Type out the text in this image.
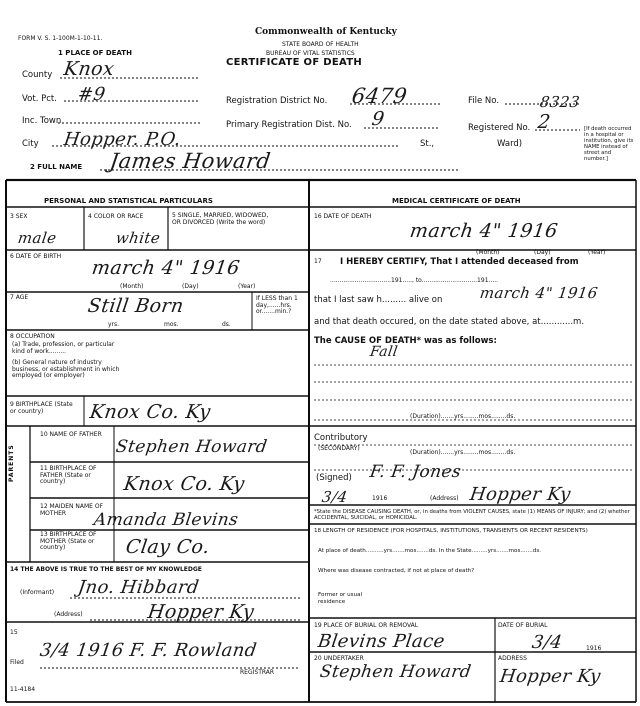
FORM V. S. 1-100M-1-10-11.
Commonwealth of Kentucky
STATE BOARD OF HEALTH
BUREAU OF VITAL STATISTICS
CERTIFICATE OF DEATH
1 PLACE OF DEATH
County Knox
Vot. Pct. #9
Inc. Town
City Hopper. P.O.	St.,	Ward)
Registration District No. 6479
Primary Registration Dist. No. 9
File No.	8323
Registered No. 2	[If death occurred in a hospital or institution, give its NAME instead of street and number.]
2 FULL NAME James Howard
PERSONAL AND STATISTICAL PARTICULARS
3 SEX
male
4 COLOR OR RACE
white
5 SINGLE, MARRIED, WIDOWED, OR DIVORCED (Write the word)
6 DATE OF BIRTH
march 4" 1916
(Month)	(Day)	(Year)
7 AGE	Still Born	If LESS than 1 day,......hrs. or.......min.?
yrs.	mos.	ds.
8 OCCUPATION
(a) Trade, profession, or particular kind of work.........
(b) General nature of industry business, or establishment in which employed (or employer)
9 BIRTHPLACE (State or country)	Knox Co. Ky
10 NAME OF FATHER
Stephen Howard
11 BIRTHPLACE OF FATHER (State or country)	Knox Co. Ky
12 MAIDEN NAME OF MOTHER	Amanda Blevins
13 BIRTHPLACE OF MOTHER (State or country)	Clay Co.
PARENTS
14 THE ABOVE IS TRUE TO THE BEST OF MY KNOWLEDGE
(Informant) Jno. Hibbard
(Address)	Hopper Ky
15
Filed
3/4 1916 F. F. Rowland
REGISTRAR
11-4184
MEDICAL CERTIFICATE OF DEATH
16 DATE OF DEATH
march 4" 1916
(Month)	(Day)	(Year)
17 I HEREBY CERTIFY, That I attended deceased from
................................191....., to.............................191.....
that I last saw h......... alive on march 4" 1916
and that death occured, on the date stated above, at............m.
The CAUSE OF DEATH* was as follows:
Fall
(Duration).......yrs........mos........ds.
Contributory
(SECONDARY)
(Duration).......yrs........mos........ds.
(Signed) F. F. Jones
3/4	1916	(Address) Hopper Ky
*State the DISEASE CAUSING DEATH, or, in deaths from VIOLENT CAUSES, state (1) MEANS OF INJURY; and (2) whether ACCIDENTAL, SUICIDAL, or HOMICIDAL.
18 LENGTH OF RESIDENCE (FOR HOSPITALS, INSTITUTIONS, TRANSIENTS OR RECENT RESIDENTS)
At place of death..........yrs.......mos.......ds. In the State.........yrs.......mos.......ds.
Where was disease contracted, if not at place of death?
Former or usual residence
19 PLACE OF BURIAL OR REMOVAL
Blevins Place
DATE OF BURIAL
3/4	1916
20 UNDERTAKER
Stephen Howard
ADDRESS
Hopper Ky
